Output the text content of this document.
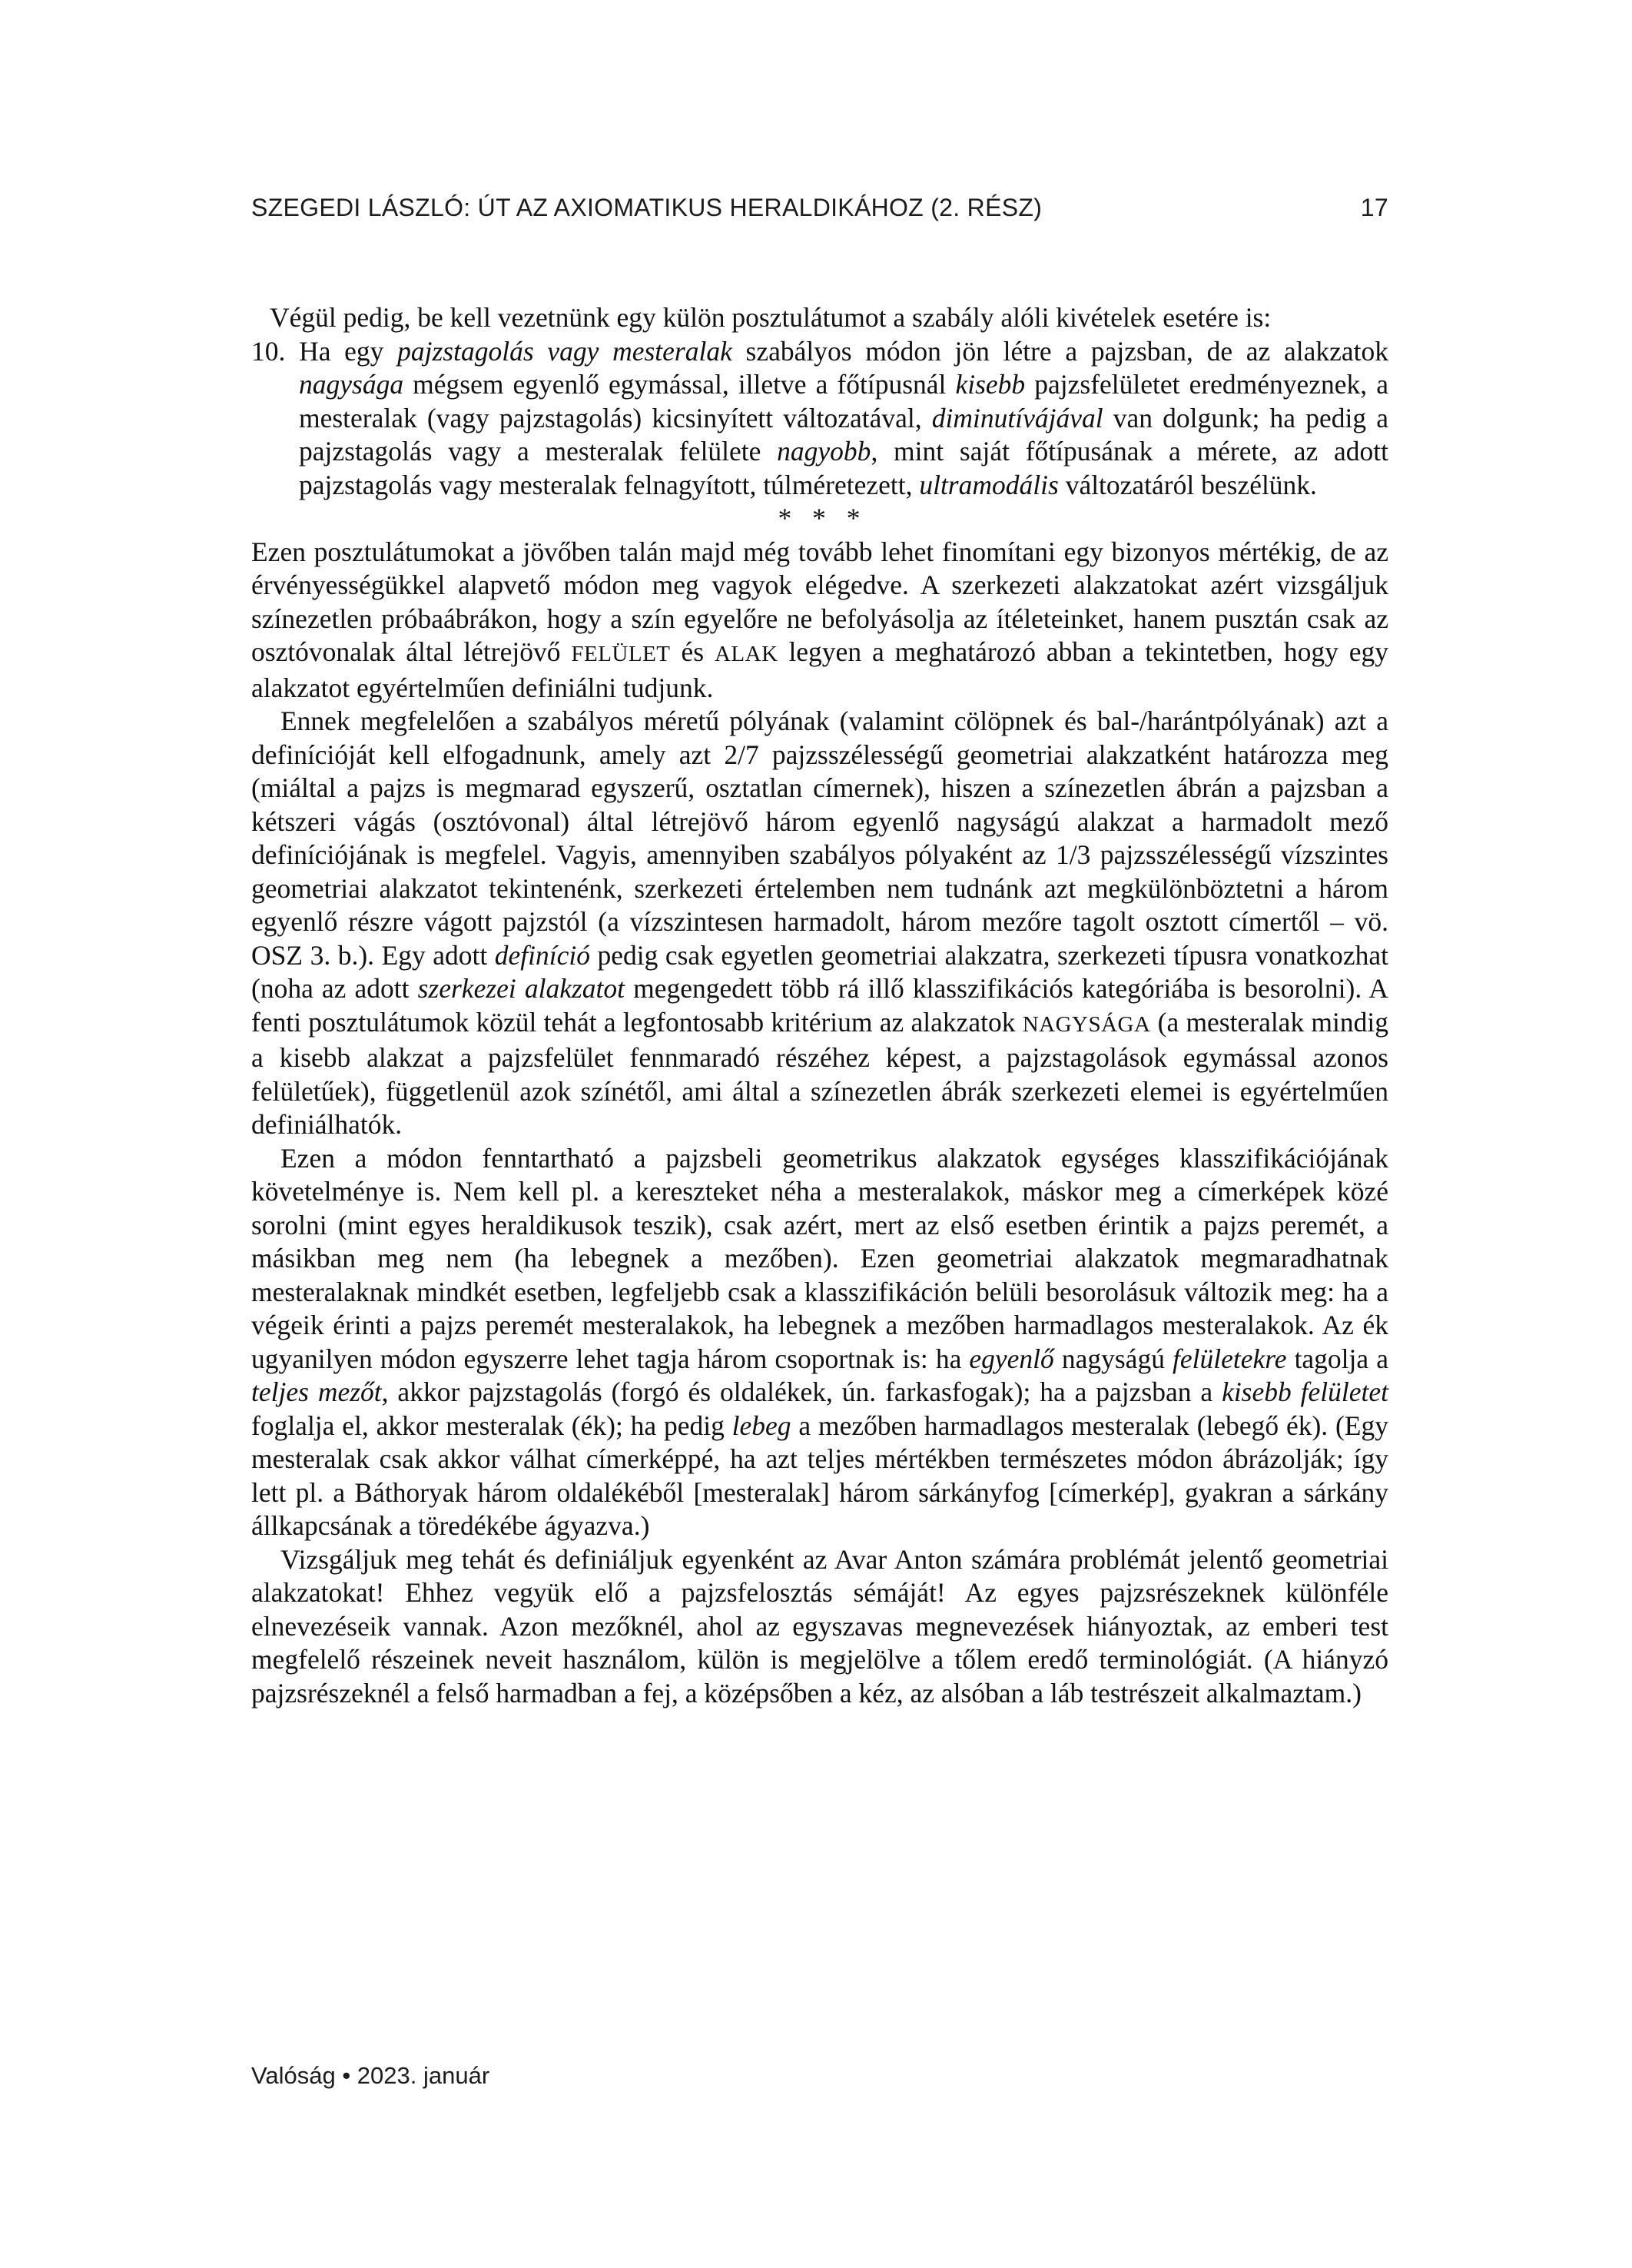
SZEGEDI LÁSZLÓ: ÚT AZ AXIOMATIKUS HERALDIKÁHOZ (2. RÉSZ)	17

Végül pedig, be kell vezetnünk egy külön posztulátumot a szabály alóli kivételek esetére is:

10. Ha egy pajzstagolás vagy mesteralak szabályos módon jön létre a pajzsban, de az alakzatok nagysága mégsem egyenlő egymással, illetve a főtípusnál kisebb pajzsfelületet eredményeznek, a mesteralak (vagy pajzstagolás) kicsinyített változatával, diminutívájával van dolgunk; ha pedig a pajzstagolás vagy a mesteralak felülete nagyobb, mint saját főtípusának a mérete, az adott pajzstagolás vagy mesteralak felnagyított, túlméretezett, ultramodális változatáról beszélünk.

* * *

Ezen posztulátumokat a jövőben talán majd még tovább lehet finomítani egy bizonyos mértékig, de az érvényességükkel alapvető módon meg vagyok elégedve. A szerkezeti alakzatokat azért vizsgáljuk színezetlen próbaábrákon, hogy a szín egyelőre ne befolyásolja az ítéleteinket, hanem pusztán csak az osztóvonalak által létrejövő FELÜLET és ALAK legyen a meghatározó abban a tekintetben, hogy egy alakzatot egyértelműen definiálni tudjunk.

Ennek megfelelően a szabályos méretű pólyának (valamint cölöpnek és bal-/harántpólyának) azt a definícióját kell elfogadnunk, amely azt 2/7 pajzsszélességű geometriai alakzatként határozza meg (miáltal a pajzs is megmarad egyszerű, osztatlan címernek), hiszen a színezetlen ábrán a pajzsban a kétszeri vágás (osztóvonal) által létrejövő három egyenlő nagyságú alakzat a harmadolt mező definíciójának is megfelel. Vagyis, amennyiben szabályos pólyaként az 1/3 pajzsszélességű vízszintes geometriai alakzatot tekintenénk, szerkezeti értelemben nem tudnánk azt megkülönböztetni a három egyenlő részre vágott pajzstól (a vízszintesen harmadolt, három mezőre tagolt osztott címertől – vö. OSZ 3. b.). Egy adott definíció pedig csak egyetlen geometriai alakzatra, szerkezeti típusra vonatkozhat (noha az adott szerkezei alakzatot megengedett több rá illő klasszifikációs kategóriába is besorolni). A fenti posztulátumok közül tehát a legfontosabb kritérium az alakzatok NAGYSÁGA (a mesteralak mindig a kisebb alakzat a pajzsfelület fennmaradó részéhez képest, a pajzstagolások egymással azonos felületűek), függetlenül azok színétől, ami által a színezetlen ábrák szerkezeti elemei is egyértelműen definiálhatók.

Ezen a módon fenntartható a pajzsbeli geometrikus alakzatok egységes klasszifikációjának követelménye is. Nem kell pl. a kereszteket néha a mesteralakok, máskor meg a címerképek közé sorolni (mint egyes heraldikusok teszik), csak azért, mert az első esetben érintik a pajzs peremét, a másikban meg nem (ha lebegnek a mezőben). Ezen geometriai alakzatok megmaradhatnak mesteralaknak mindkét esetben, legfeljebb csak a klasszifikáción belüli besorolásuk változik meg: ha a végeik érinti a pajzs peremét mesteralakok, ha lebegnek a mezőben harmadlagos mesteralakok. Az ék ugyanilyen módon egyszerre lehet tagja három csoportnak is: ha egyenlő nagyságú felületekre tagolja a teljes mezőt, akkor pajzstagolás (forgó és oldalékek, ún. farkasfogak); ha a pajzsban a kisebb felületet foglalja el, akkor mesteralak (ék); ha pedig lebeg a mezőben harmadlagos mesteralak (lebegő ék). (Egy mesteralak csak akkor válhat címerképpé, ha azt teljes mértékben természetes módon ábrázolják; így lett pl. a Báthoryak három oldalékéből [mesteralak] három sárkányfog [címerkép], gyakran a sárkány állkapcsának a töredékébe ágyazva.)

Vizsgáljuk meg tehát és definiáljuk egyenként az Avar Anton számára problémát jelentő geometriai alakzatokat! Ehhez vegyük elő a pajzsfelosztás sémáját! Az egyes pajzsrészeknek különféle elnevezéseik vannak. Azon mezőknél, ahol az egyszavas megnevezések hiányoztak, az emberi test megfelelő részeinek neveit használom, külön is megjelölve a tőlem eredő terminológiát. (A hiányzó pajzsrészeknél a felső harmadban a fej, a középsőben a kéz, az alsóban a láb testrészeit alkalmaztam.)

Valóság • 2023. január
